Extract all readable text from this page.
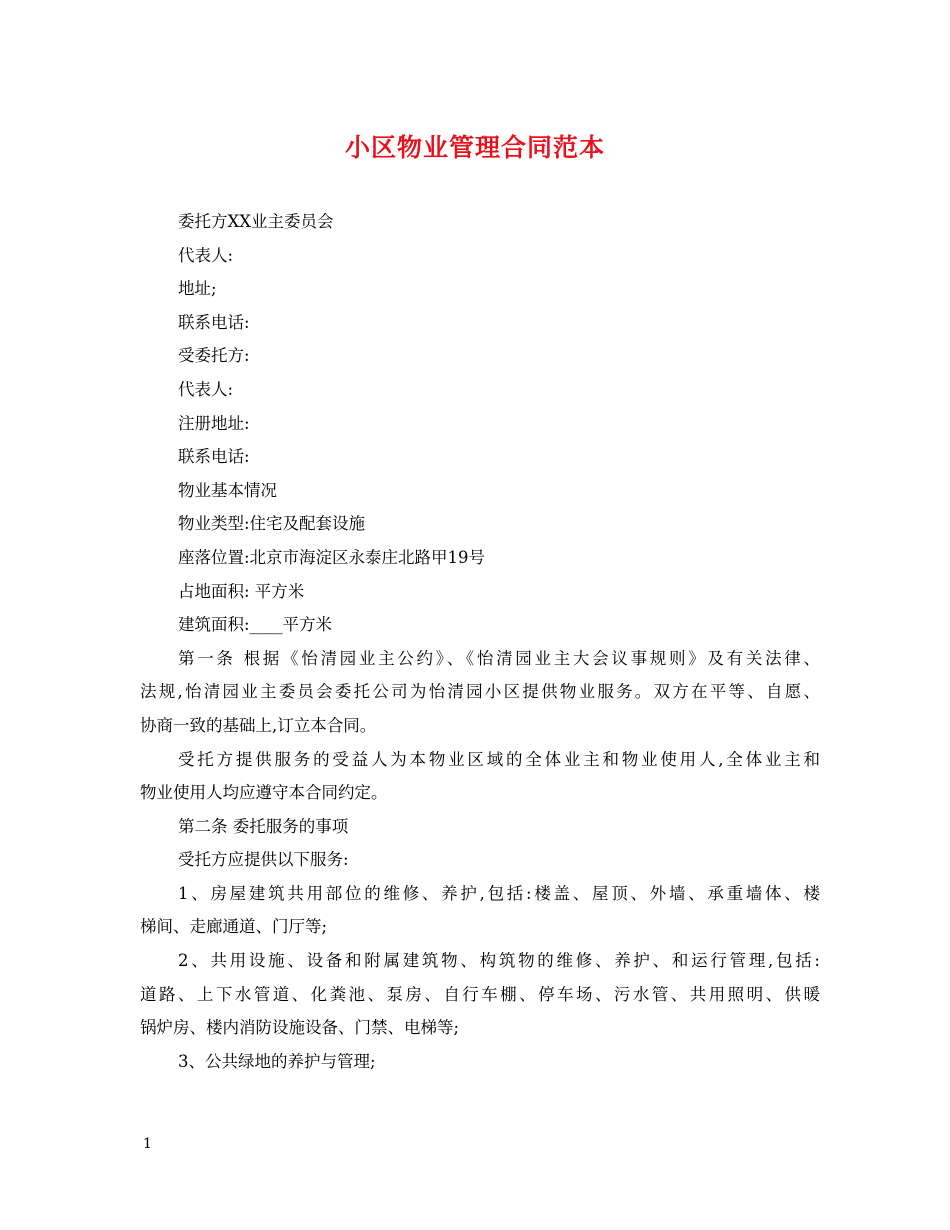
小区物业管理合同范本
委托方XX业主委员会
代表人:
地址;
联系电话:
受委托方:
代表人:
注册地址:
联系电话:
物业基本情况
物业类型:住宅及配套设施
座落位置:北京市海淀区永泰庄北路甲19号
占地面积: 平方米
建筑面积:____平方米
第一条 根据《怡清园业主公约》、《怡清园业主大会议事规则》及有关法律、
法规,怡清园业主委员会委托公司为怡清园小区提供物业服务。双方在平等、自愿、
协商一致的基础上,订立本合同。
受托方提供服务的受益人为本物业区域的全体业主和物业使用人,全体业主和
物业使用人均应遵守本合同约定。
第二条 委托服务的事项
受托方应提供以下服务:
1、房屋建筑共用部位的维修、养护,包括:楼盖、屋顶、外墙、承重墙体、楼
梯间、走廊通道、门厅等;
2、共用设施、设备和附属建筑物、构筑物的维修、养护、和运行管理,包括:
道路、上下水管道、化粪池、泵房、自行车棚、停车场、污水管、共用照明、供暖
锅炉房、楼内消防设施设备、门禁、电梯等;
3、公共绿地的养护与管理;
1
